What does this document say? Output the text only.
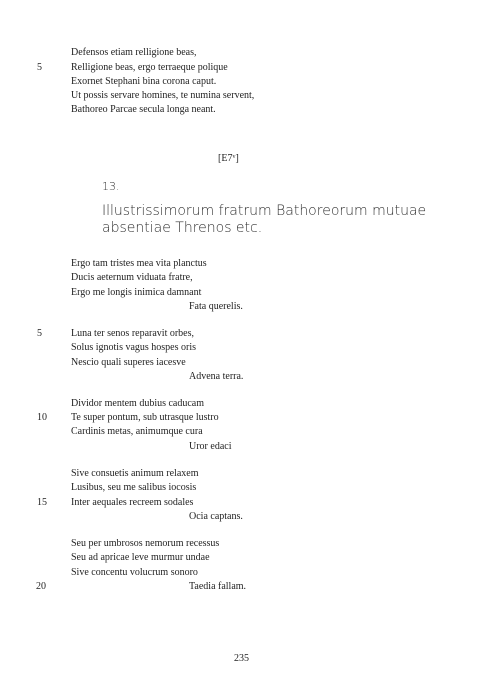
Defensos etiam relligione beas,
5	Relligione beas, ergo terraeque polique
Exornet Stephani bina corona caput.
Ut possis servare homines, te numina servent,
Bathoreo Parcae secula longa neant.
[E7$^v$]
13.
Illustrissimorum fratrum Bathoreorum mutuae
absentiae Threnos etc.
Ergo tam tristes mea vita planctus
Ducis aeternum viduata fratre,
Ergo me longis inimica damnant
Fata querelis.
5	Luna ter senos reparavit orbes,
Solus ignotis vagus hospes oris
Nescio quali superes iacesve
Advena terra.
Dividor mentem dubius caducam
10 Te super pontum, sub utrasque lustro
Cardinis metas, animumque cura
Uror edaci
Sive consuetis animum relaxem
Lusibus, seu me salibus iocosis
15 Inter aequales recreem sodales
Ocia captans.
Seu per umbrosos nemorum recessus
Seu ad apricae leve murmur undae
Sive concentu volucrum sonoro
20	Taedia fallam.
235
